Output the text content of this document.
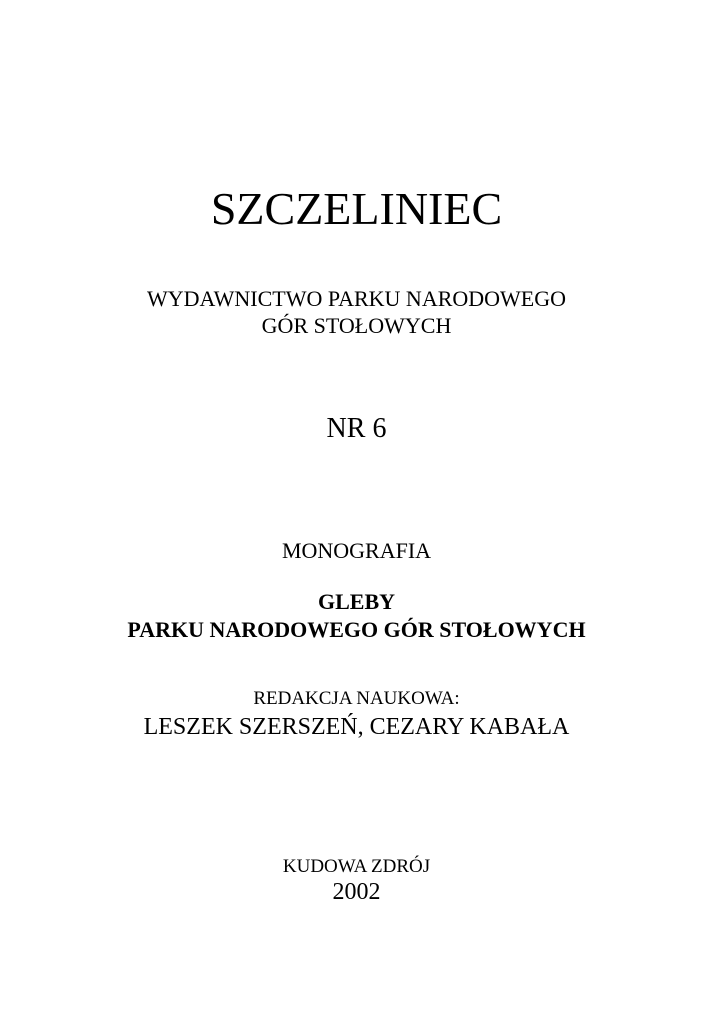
SZCZELINIEC
WYDAWNICTWO PARKU NARODOWEGO
GÓR STOŁOWYCH
NR 6
MONOGRAFIA
GLEBY
PARKU NARODOWEGO GÓR STOŁOWYCH
REDAKCJA NAUKOWA:
LESZEK SZERSZEŃ, CEZARY KABAŁA
KUDOWA ZDRÓJ
2002
